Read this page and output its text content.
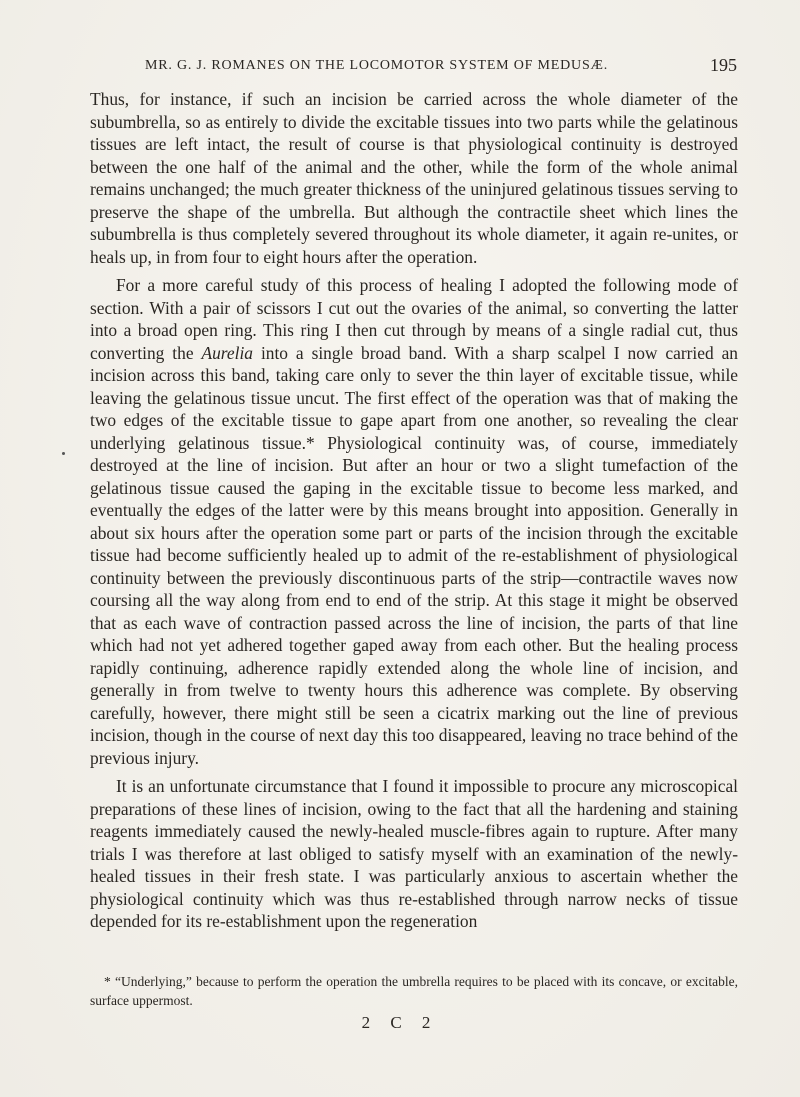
MR. G. J. ROMANES ON THE LOCOMOTOR SYSTEM OF MEDUSÆ.	195

Thus, for instance, if such an incision be carried across the whole diameter of the subumbrella, so as entirely to divide the excitable tissues into two parts while the gelatinous tissues are left intact, the result of course is that physiological continuity is destroyed between the one half of the animal and the other, while the form of the whole animal remains unchanged; the much greater thickness of the uninjured gelatinous tissues serving to preserve the shape of the umbrella. But although the contractile sheet which lines the subumbrella is thus completely severed throughout its whole diameter, it again re-unites, or heals up, in from four to eight hours after the operation.

For a more careful study of this process of healing I adopted the following mode of section. With a pair of scissors I cut out the ovaries of the animal, so converting the latter into a broad open ring. This ring I then cut through by means of a single radial cut, thus converting the Aurelia into a single broad band. With a sharp scalpel I now carried an incision across this band, taking care only to sever the thin layer of excitable tissue, while leaving the gelatinous tissue uncut. The first effect of the operation was that of making the two edges of the excitable tissue to gape apart from one another, so revealing the clear underlying gelatinous tissue.* Physiological continuity was, of course, immediately destroyed at the line of incision. But after an hour or two a slight tumefaction of the gelatinous tissue caused the gaping in the excitable tissue to become less marked, and eventually the edges of the latter were by this means brought into apposition. Generally in about six hours after the operation some part or parts of the incision through the excitable tissue had become sufficiently healed up to admit of the re-establishment of physiological continuity between the previously discontinuous parts of the strip—contractile waves now coursing all the way along from end to end of the strip. At this stage it might be observed that as each wave of contraction passed across the line of incision, the parts of that line which had not yet adhered together gaped away from each other. But the healing process rapidly continuing, adherence rapidly extended along the whole line of incision, and generally in from twelve to twenty hours this adherence was complete. By observing carefully, however, there might still be seen a cicatrix marking out the line of previous incision, though in the course of next day this too disappeared, leaving no trace behind of the previous injury.

It is an unfortunate circumstance that I found it impossible to procure any microscopical preparations of these lines of incision, owing to the fact that all the hardening and staining reagents immediately caused the newly-healed muscle-fibres again to rupture. After many trials I was therefore at last obliged to satisfy myself with an examination of the newly-healed tissues in their fresh state. I was particularly anxious to ascertain whether the physiological continuity which was thus re-established through narrow necks of tissue depended for its re-establishment upon the regeneration

* “Underlying,” because to perform the operation the umbrella requires to be placed with its concave, or excitable, surface uppermost.

2 C 2
